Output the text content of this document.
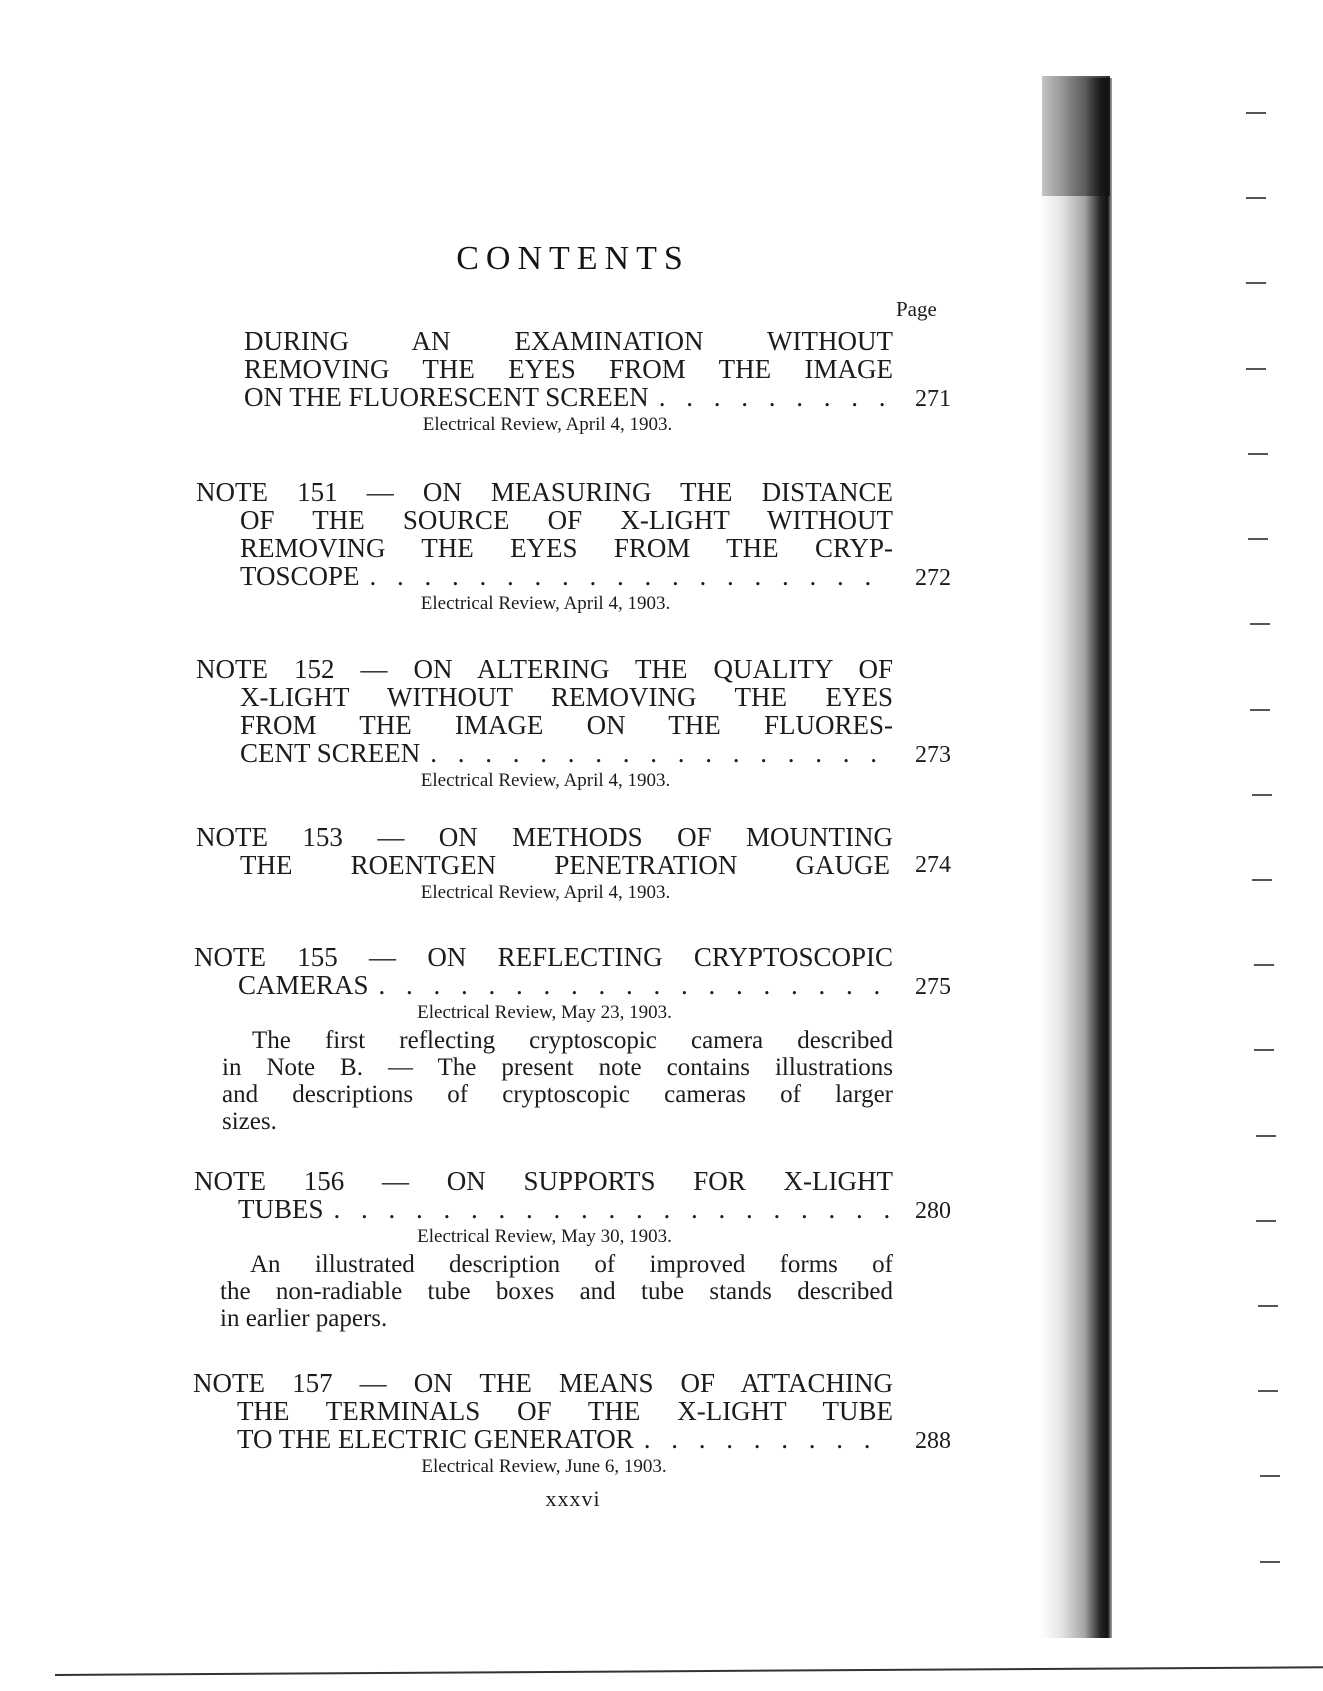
CONTENTS
Page
DURING AN EXAMINATION WITHOUT
REMOVING THE EYES FROM THE IMAGE
ON THE FLUORESCENT SCREEN . . .	271
Electrical Review, April 4, 1903.
NOTE 151 — ON MEASURING THE DISTANCE
OF THE SOURCE OF X-LIGHT WITHOUT
REMOVING THE EYES FROM THE CRYP-
TOSCOPE . . .	272
Electrical Review, April 4, 1903.
NOTE 152 — ON ALTERING THE QUALITY OF
X-LIGHT WITHOUT REMOVING THE EYES
FROM THE IMAGE ON THE FLUORES-
CENT SCREEN . . .	273
Electrical Review, April 4, 1903.
NOTE 153 — ON METHODS OF MOUNTING
THE ROENTGEN PENETRATION GAUGE 274
Electrical Review, April 4, 1903.
NOTE 155 — ON REFLECTING CRYPTOSCOPIC
CAMERAS . . .	275
Electrical Review, May 23, 1903.
The first reflecting cryptoscopic camera described
in Note B. — The present note contains illustrations
and descriptions of cryptoscopic cameras of larger
sizes.
NOTE 156 — ON SUPPORTS FOR X-LIGHT
TUBES . . .	280
Electrical Review, May 30, 1903.
An illustrated description of improved forms of
the non-radiable tube boxes and tube stands described
in earlier papers.
NOTE 157 — ON THE MEANS OF ATTACHING
THE TERMINALS OF THE X-LIGHT TUBE
TO THE ELECTRIC GENERATOR . . .	288
Electrical Review, June 6, 1903.
xxxvi
